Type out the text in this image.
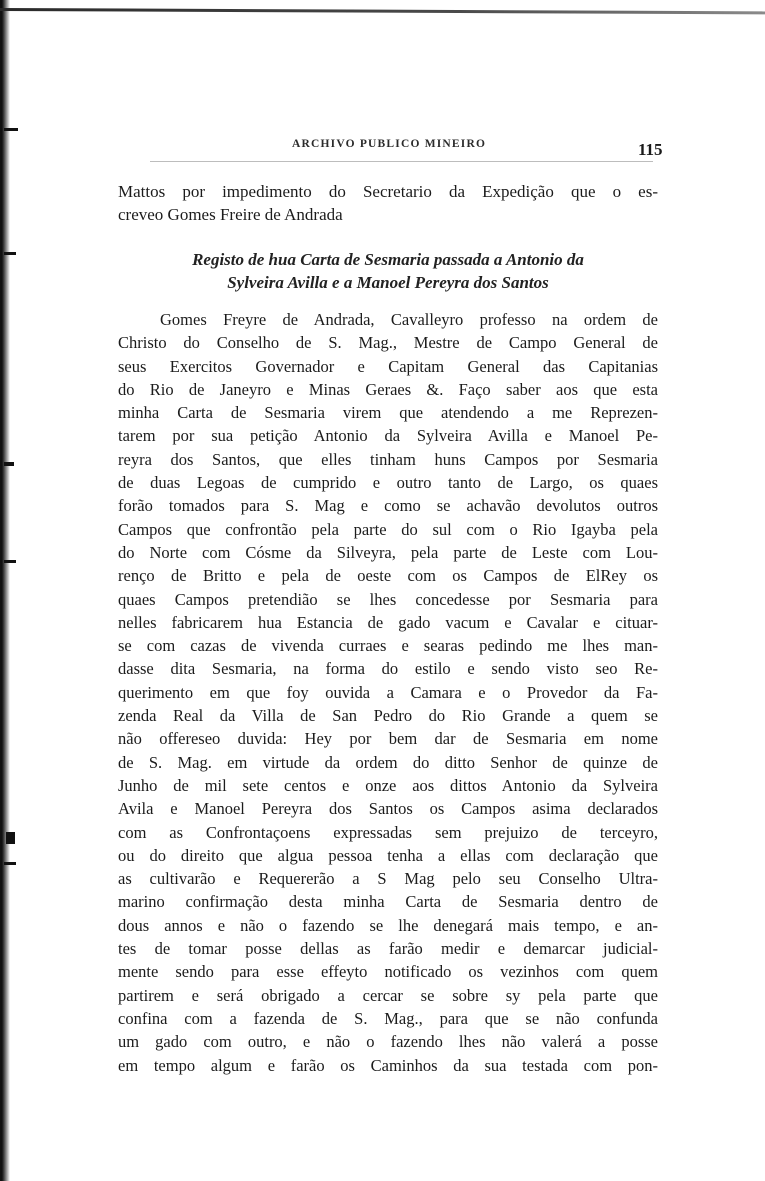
ARCHIVO PUBLICO MINEIRO	115
Mattos por impedimento do Secretario da Expedição que o es-
creveo Gomes Freire de Andrada
Registo de hua Carta de Sesmaria passada a Antonio da
Sylveira Avilla e a Manoel Pereyra dos Santos
Gomes Freyre de Andrada, Cavalleyro professo na ordem de
Christo do Conselho de S. Mag., Mestre de Campo General de
seus Exercitos Governador e Capitam General das Capitanias
do Rio de Janeyro e Minas Geraes &. Faço saber aos que esta
minha Carta de Sesmaria virem que atendendo a me Reprezen-
tarem por sua petição Antonio da Sylveira Avilla e Manoel Pe-
reyra dos Santos, que elles tinham huns Campos por Sesmaria
de duas Legoas de cumprido e outro tanto de Largo, os quaes
forão tomados para S. Mag e como se achavão devolutos outros
Campos que confrontão pela parte do sul com o Rio Igayba pela
do Norte com Cósme da Silveyra, pela parte de Leste com Lou-
renço de Britto e pela de oeste com os Campos de ElRey os
quaes Campos pretendião se lhes concedesse por Sesmaria para
nelles fabricarem hua Estancia de gado vacum e Cavalar e cituar-
se com cazas de vivenda curraes e searas pedindo me lhes man-
dasse dita Sesmaria, na forma do estilo e sendo visto seo Re-
querimento em que foy ouvida a Camara e o Provedor da Fa-
zenda Real da Villa de San Pedro do Rio Grande a quem se
não offereseo duvida: Hey por bem dar de Sesmaria em nome
de S. Mag. em virtude da ordem do ditto Senhor de quinze de
Junho de mil sete centos e onze aos dittos Antonio da Sylveira
Avila e Manoel Pereyra dos Santos os Campos asima declarados
com as Confrontaçoens expressadas sem prejuizo de terceyro,
ou do direito que algua pessoa tenha a ellas com declaração que
as cultivarão e Requererão a S Mag pelo seu Conselho Ultra-
marino confirmação desta minha Carta de Sesmaria dentro de
dous annos e não o fazendo se lhe denegará mais tempo, e an-
tes de tomar posse dellas as farão medir e demarcar judicial-
mente sendo para esse effeyto notificado os vezinhos com quem
partirem e será obrigado a cercar se sobre sy pela parte que
confina com a fazenda de S. Mag., para que se não confunda
um gado com outro, e não o fazendo lhes não valerá a posse
em tempo algum e farão os Caminhos da sua testada com pon-
